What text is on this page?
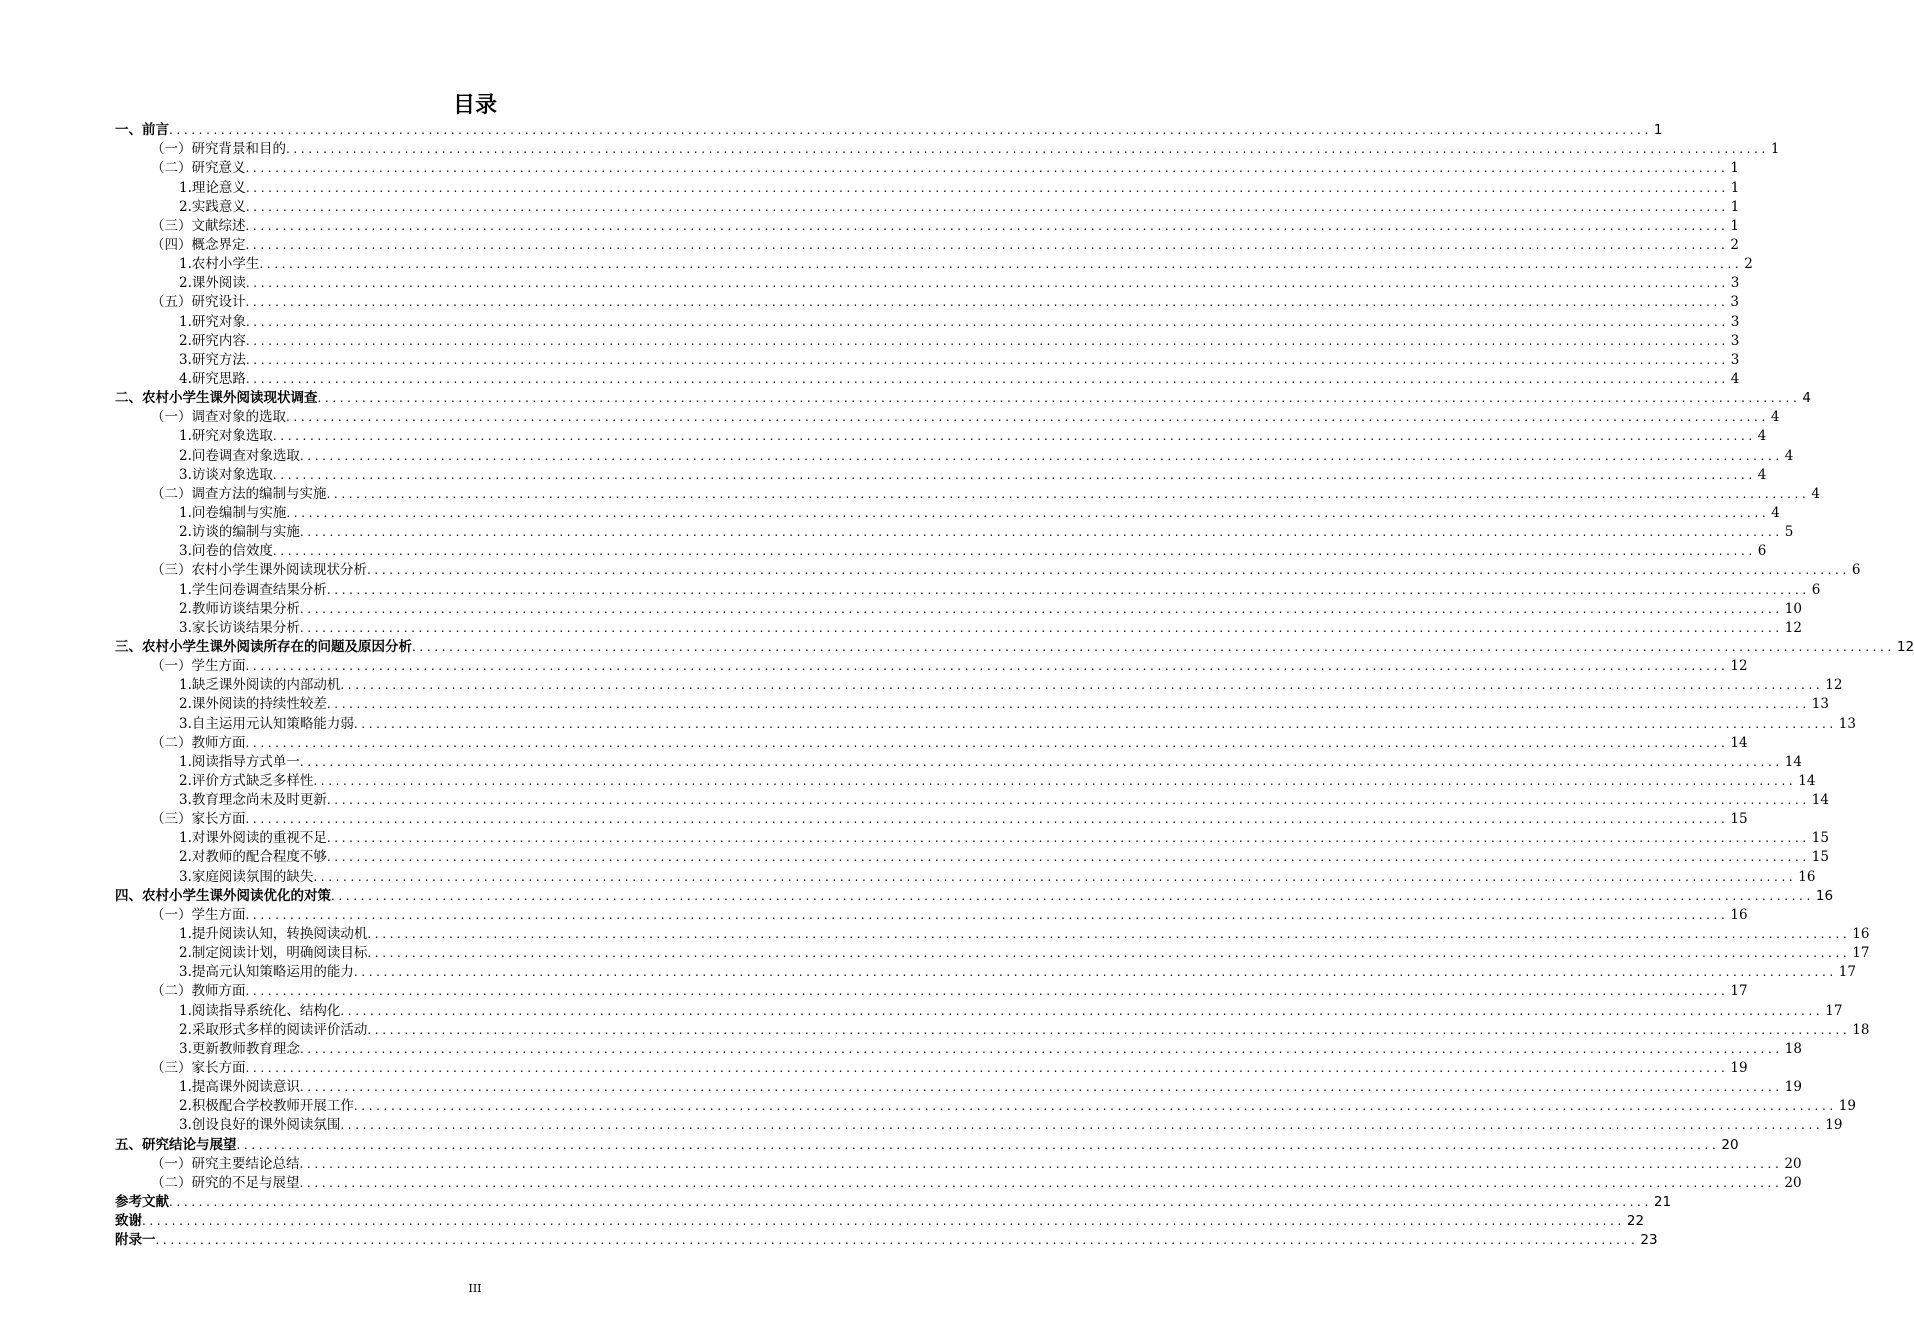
目录
一、前言 ........................................................................................................................................................................................................ 1
（一）研究背景和目的 ........................................................................................................................................................................................................ 1
（二）研究意义 ........................................................................................................................................................................................................ 1
1.理论意义 ........................................................................................................................................................................................................ 1
2.实践意义 ........................................................................................................................................................................................................ 1
（三）文献综述 ........................................................................................................................................................................................................ 1
（四）概念界定 ........................................................................................................................................................................................................ 2
1.农村小学生 ........................................................................................................................................................................................................ 2
2.课外阅读 ........................................................................................................................................................................................................ 3
（五）研究设计 ........................................................................................................................................................................................................ 3
1.研究对象 ........................................................................................................................................................................................................ 3
2.研究内容 ........................................................................................................................................................................................................ 3
3.研究方法 ........................................................................................................................................................................................................ 3
4.研究思路 ........................................................................................................................................................................................................ 4
二、农村小学生课外阅读现状调查 ........................................................................................................................................................................................................ 4
（一）调查对象的选取 ........................................................................................................................................................................................................ 4
1.研究对象选取 ........................................................................................................................................................................................................ 4
2.问卷调查对象选取 ........................................................................................................................................................................................................ 4
3.访谈对象选取 ........................................................................................................................................................................................................ 4
（二）调查方法的编制与实施 ........................................................................................................................................................................................................ 4
1.问卷编制与实施 ........................................................................................................................................................................................................ 4
2.访谈的编制与实施 ........................................................................................................................................................................................................ 5
3.问卷的信效度 ........................................................................................................................................................................................................ 6
（三）农村小学生课外阅读现状分析 ........................................................................................................................................................................................................ 6
1.学生问卷调查结果分析 ........................................................................................................................................................................................................ 6
2.教师访谈结果分析 ........................................................................................................................................................................................................ 10
3.家长访谈结果分析 ........................................................................................................................................................................................................ 12
三、农村小学生课外阅读所存在的问题及原因分析 ........................................................................................................................................................................................................ 12
（一）学生方面 ........................................................................................................................................................................................................ 12
1.缺乏课外阅读的内部动机 ........................................................................................................................................................................................................ 12
2.课外阅读的持续性较差 ........................................................................................................................................................................................................ 13
3.自主运用元认知策略能力弱 ........................................................................................................................................................................................................ 13
（二）教师方面 ........................................................................................................................................................................................................ 14
1.阅读指导方式单一 ........................................................................................................................................................................................................ 14
2.评价方式缺乏多样性 ........................................................................................................................................................................................................ 14
3.教育理念尚未及时更新 ........................................................................................................................................................................................................ 14
（三）家长方面 ........................................................................................................................................................................................................ 15
1.对课外阅读的重视不足 ........................................................................................................................................................................................................ 15
2.对教师的配合程度不够 ........................................................................................................................................................................................................ 15
3.家庭阅读氛围的缺失 ........................................................................................................................................................................................................ 16
四、农村小学生课外阅读优化的对策 ........................................................................................................................................................................................................ 16
（一）学生方面 ........................................................................................................................................................................................................ 16
1.提升阅读认知，转换阅读动机 ........................................................................................................................................................................................................ 16
2.制定阅读计划，明确阅读目标 ........................................................................................................................................................................................................ 17
3.提高元认知策略运用的能力 ........................................................................................................................................................................................................ 17
（二）教师方面 ........................................................................................................................................................................................................ 17
1.阅读指导系统化、结构化 ........................................................................................................................................................................................................ 17
2.采取形式多样的阅读评价活动 ........................................................................................................................................................................................................ 18
3.更新教师教育理念 ........................................................................................................................................................................................................ 18
（三）家长方面 ........................................................................................................................................................................................................ 19
1.提高课外阅读意识 ........................................................................................................................................................................................................ 19
2.积极配合学校教师开展工作 ........................................................................................................................................................................................................ 19
3.创设良好的课外阅读氛围 ........................................................................................................................................................................................................ 19
五、研究结论与展望 ........................................................................................................................................................................................................ 20
（一）研究主要结论总结 ........................................................................................................................................................................................................ 20
（二）研究的不足与展望 ........................................................................................................................................................................................................ 20
参考文献 ........................................................................................................................................................................................................ 21
致谢 ........................................................................................................................................................................................................ 22
附录一 ........................................................................................................................................................................................................ 23
III
